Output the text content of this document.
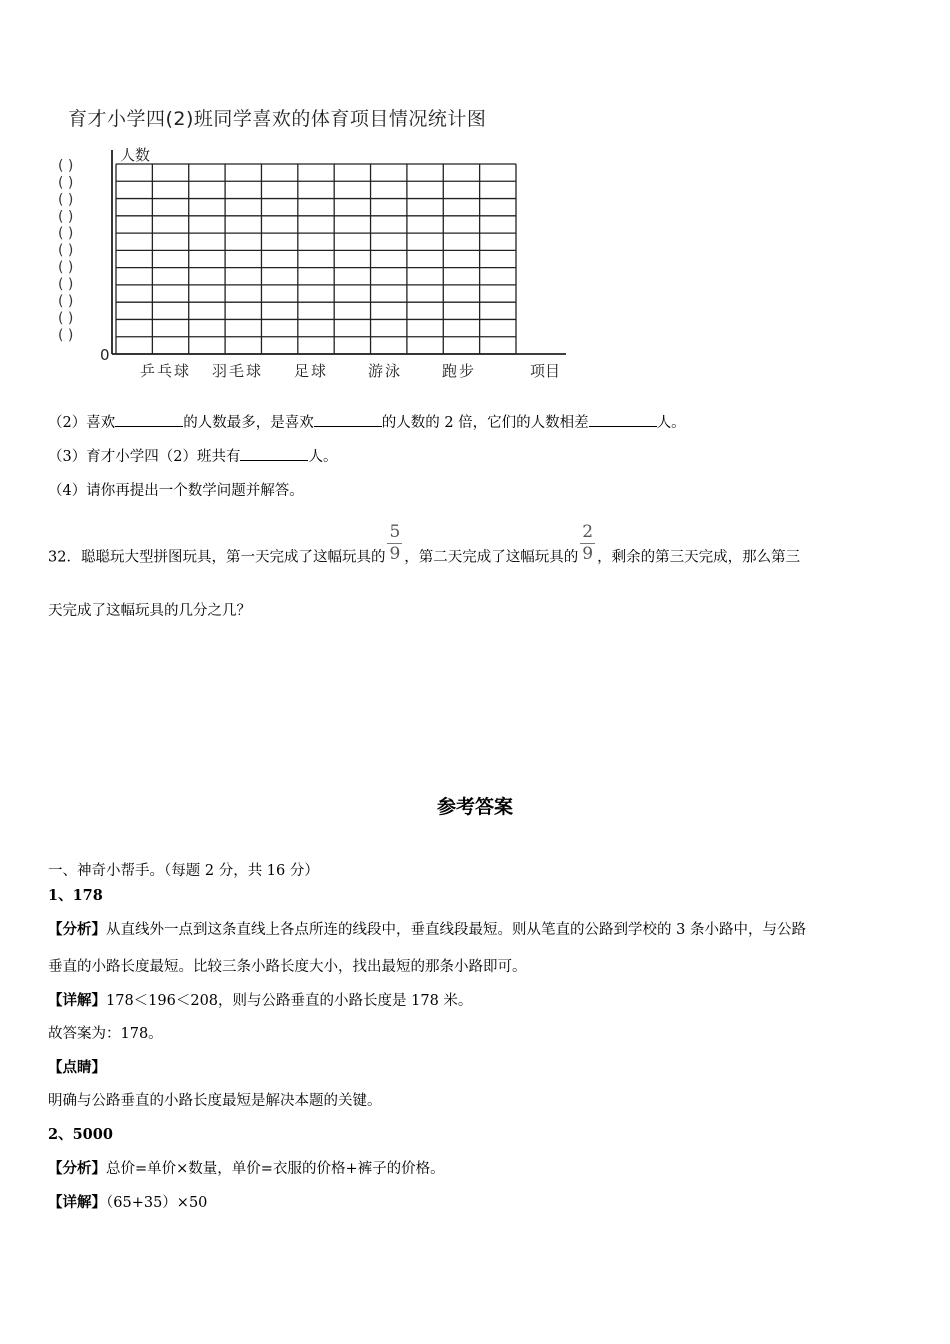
育才小学四(2)班同学喜欢的体育项目情况统计图
( )
( )
( )
( )
( )
( )
( )
( )
( )
( )
( )
乒乓球 羽毛球 足球	游泳	跑步
人数
项目
0
（2）喜欢	的人数最多，是喜欢	的人数的 2 倍，它们的人数相差	人。
（3）育才小学四（2）班共有	人。
（4）请你再提出一个数学问题并解答。
32．聪聪玩大型拼图玩具，第一天完成了这幅玩具的 $\frac{5}{9}$ ，第二天完成了这幅玩具的 $\frac{2}{9}$ ，剩余的第三天完成，那么第三
天完成了这幅玩具的几分之几？
参考答案
一、神奇小帮手。（每题 2 分，共 16 分）
1、178
【分析】从直线外一点到这条直线上各点所连的线段中，垂直线段最短。则从笔直的公路到学校的 3 条小路中，与公路
垂直的小路长度最短。比较三条小路长度大小，找出最短的那条小路即可。
【详解】178＜196＜208，则与公路垂直的小路长度是 178 米。
故答案为：178。
【点睛】
明确与公路垂直的小路长度最短是解决本题的关键。
2、5000
【分析】总价=单价×数量，单价=衣服的价格+裤子的价格。
【详解】（65+35）×50
